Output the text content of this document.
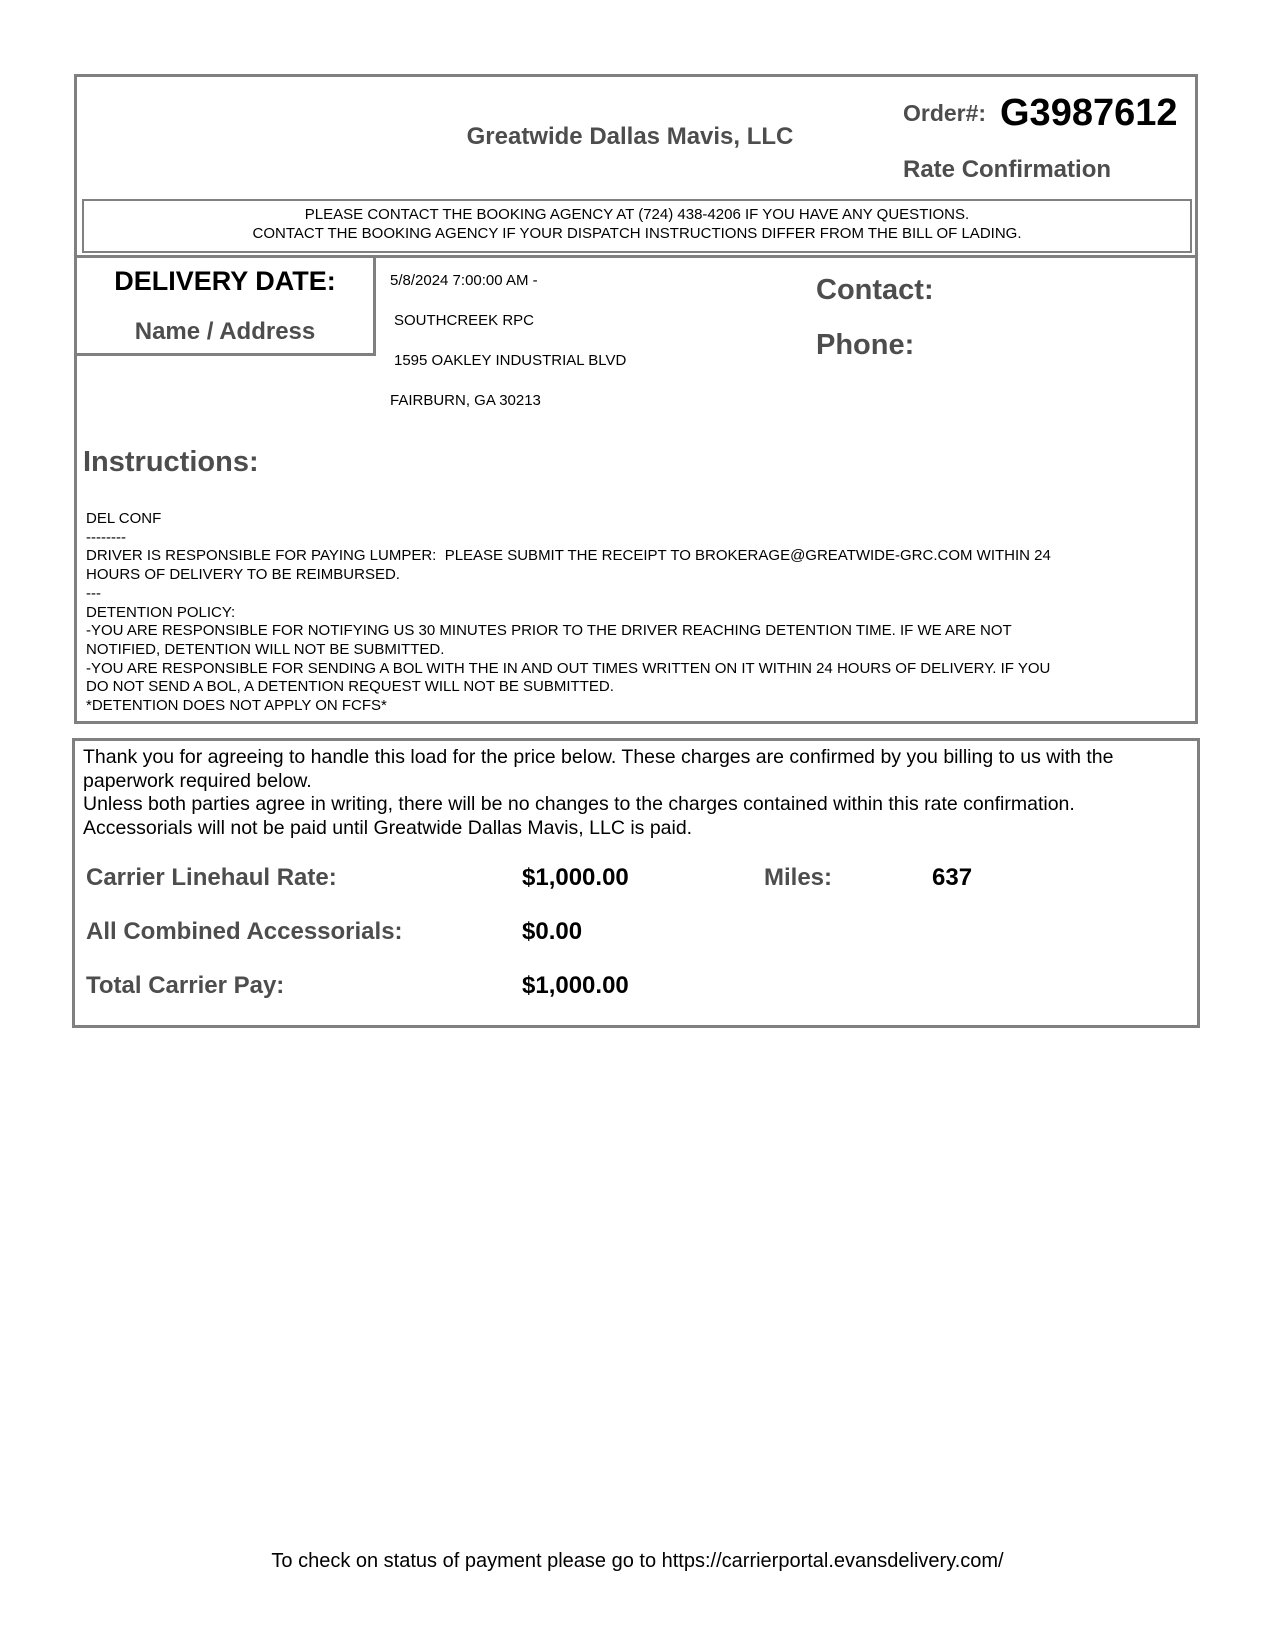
Greatwide Dallas Mavis, LLC
Order#: G3987612
Rate Confirmation
PLEASE CONTACT THE BOOKING AGENCY AT (724) 438-4206 IF YOU HAVE ANY QUESTIONS.
CONTACT THE BOOKING AGENCY IF YOUR DISPATCH INSTRUCTIONS DIFFER FROM THE BILL OF LADING.
DELIVERY DATE:
Name / Address
5/8/2024 7:00:00 AM -
SOUTHCREEK RPC
1595 OAKLEY INDUSTRIAL BLVD
FAIRBURN, GA 30213
Contact:
Phone:
Instructions:
DEL CONF
--------
DRIVER IS RESPONSIBLE FOR PAYING LUMPER:  PLEASE SUBMIT THE RECEIPT TO BROKERAGE@GREATWIDE-GRC.COM WITHIN 24
HOURS OF DELIVERY TO BE REIMBURSED.
---
DETENTION POLICY:
-YOU ARE RESPONSIBLE FOR NOTIFYING US 30 MINUTES PRIOR TO THE DRIVER REACHING DETENTION TIME. IF WE ARE NOT
NOTIFIED, DETENTION WILL NOT BE SUBMITTED.
-YOU ARE RESPONSIBLE FOR SENDING A BOL WITH THE IN AND OUT TIMES WRITTEN ON IT WITHIN 24 HOURS OF DELIVERY. IF YOU
DO NOT SEND A BOL, A DETENTION REQUEST WILL NOT BE SUBMITTED.
*DETENTION DOES NOT APPLY ON FCFS*
Thank you for agreeing to handle this load for the price below. These charges are confirmed by you billing to us with the paperwork required below.
Unless both parties agree in writing, there will be no changes to the charges contained within this rate confirmation.
Accessorials will not be paid until Greatwide Dallas Mavis, LLC is paid.
Carrier Linehaul Rate:	$1,000.00	Miles:	637
All Combined Accessorials:	$0.00
Total Carrier Pay:	$1,000.00
To check on status of payment please go to https://carrierportal.evansdelivery.com/
